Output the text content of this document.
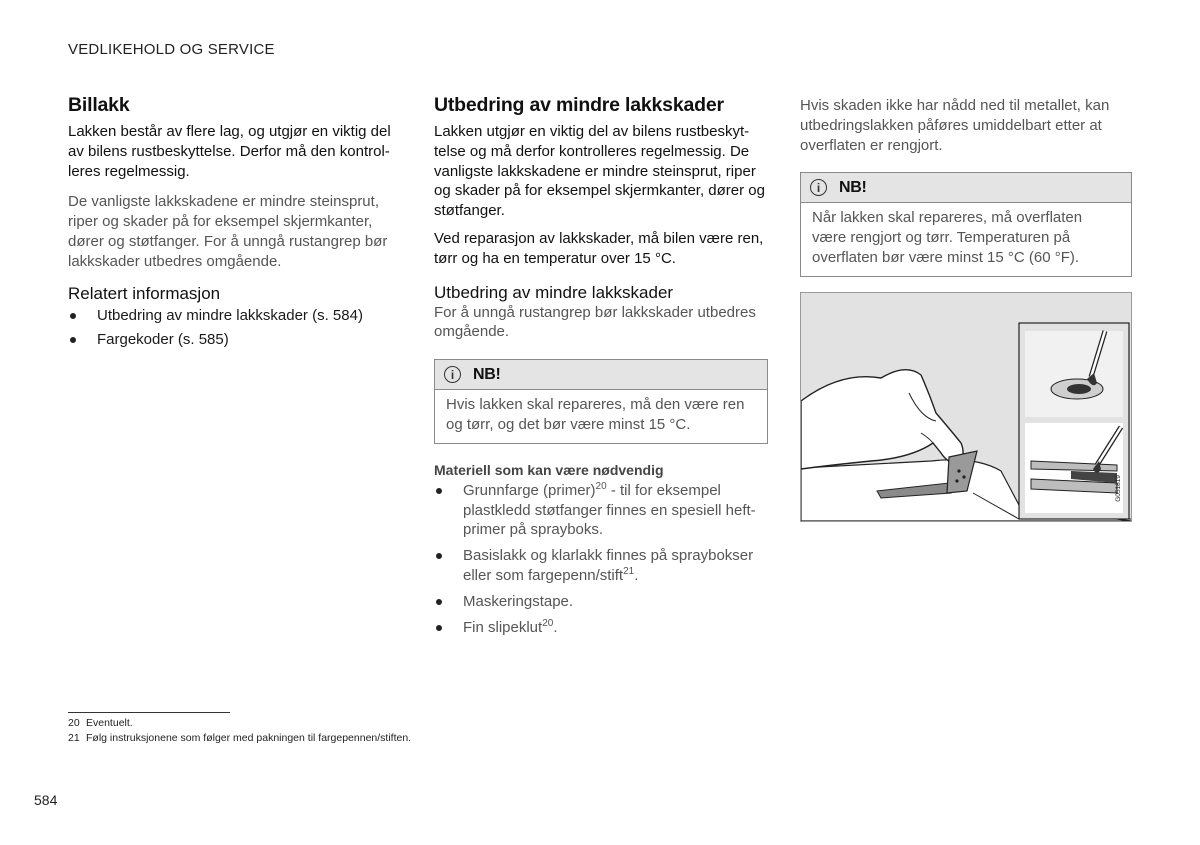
VEDLIKEHOLD OG SERVICE
Billakk

Lakken består av flere lag, og utgjør en viktig del av bilens rustbeskyttelse. Derfor må den kontrol-leres regelmessig.

De vanligste lakkskadene er mindre steinsprut, riper og skader på for eksempel skjermkanter, dører og støtfanger. For å unngå rustangrep bør lakkskader utbedres omgående.

Relatert informasjon
Utbedring av mindre lakkskader (s. 584)
Fargekoder (s. 585)
Utbedring av mindre lakkskader

Lakken utgjør en viktig del av bilens rustbeskyt-telse og må derfor kontrolleres regelmessig. De vanligste lakkskadene er mindre steinsprut, riper og skader på for eksempel skjermkanter, dører og støtfanger.

Ved reparasjon av lakkskader, må bilen være ren, tørr og ha en temperatur over 15 °C.

Utbedring av mindre lakkskader

For å unngå rustangrep bør lakkskader utbedres omgående.

i	NB!
Hvis lakken skal repareres, må den være ren og tørr, og det bør være minst 15 °C.
Materiell som kan være nødvendig
Grunnfarge (primer)$^{20}$ - til for eksempel plastkledd støtfanger finnes en spesiell heft-primer på sprayboks.
Basislakk og klarlakk finnes på spraybokser eller som fargepenn/stift$^{21}$.
Maskeringstape.
Fin slipeklut$^{20}$.

Hvis skaden ikke har nådd ned til metallet, kan utbedringslakken påføres umiddelbart etter at overflaten er rengjort.

i	NB!
Når lakken skal repareres, må overflaten være rengjort og tørr. Temperaturen på overflaten bør være minst 15 °C (60 °F).
G051819
20 Eventuelt.
21 Følg instruksjonene som følger med pakningen til fargepennen/stiften.
584
